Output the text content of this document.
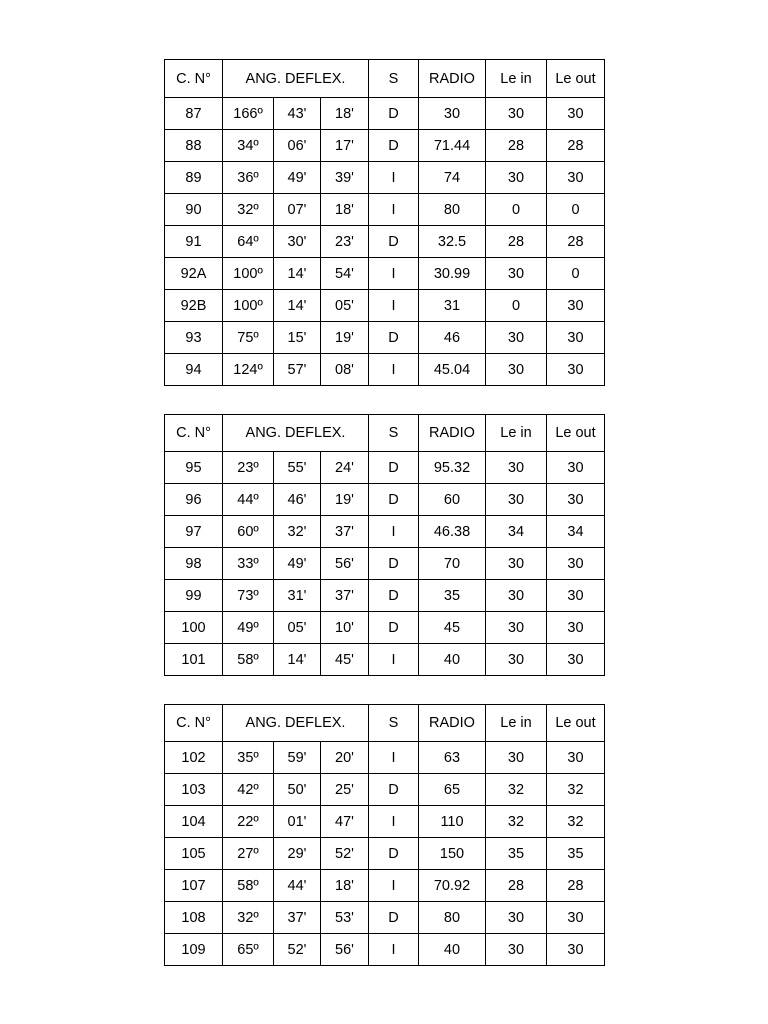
C. N°	ANG. DEFLEX.			S	RADIO	Le in	Le out
87	166º	43'	18'	D	30	30	30
88	34º	06'	17'	D	71.44	28	28
89	36º	49'	39'	I	74	30	30
90	32º	07'	18'	I	80	0	0
91	64º	30'	23'	D	32.5	28	28
92A	100º	14'	54'	I	30.99	30	0
92B	100º	14'	05'	I	31	0	30
93	75º	15'	19'	D	46	30	30
94	124º	57'	08'	I	45.04	30	30
C. N°	ANG. DEFLEX.			S	RADIO	Le in	Le out
95	23º	55'	24'	D	95.32	30	30
96	44º	46'	19'	D	60	30	30
97	60º	32'	37'	I	46.38	34	34
98	33º	49'	56'	D	70	30	30
99	73º	31'	37'	D	35	30	30
100	49º	05'	10'	D	45	30	30
101	58º	14'	45'	I	40	30	30
C. N°	ANG. DEFLEX.			S	RADIO	Le in	Le out
102	35º	59'	20'	I	63	30	30
103	42º	50'	25'	D	65	32	32
104	22º	01'	47'	I	110	32	32
105	27º	29'	52'	D	150	35	35
107	58º	44'	18'	I	70.92	28	28
108	32º	37'	53'	D	80	30	30
109	65º	52'	56'	I	40	30	30
